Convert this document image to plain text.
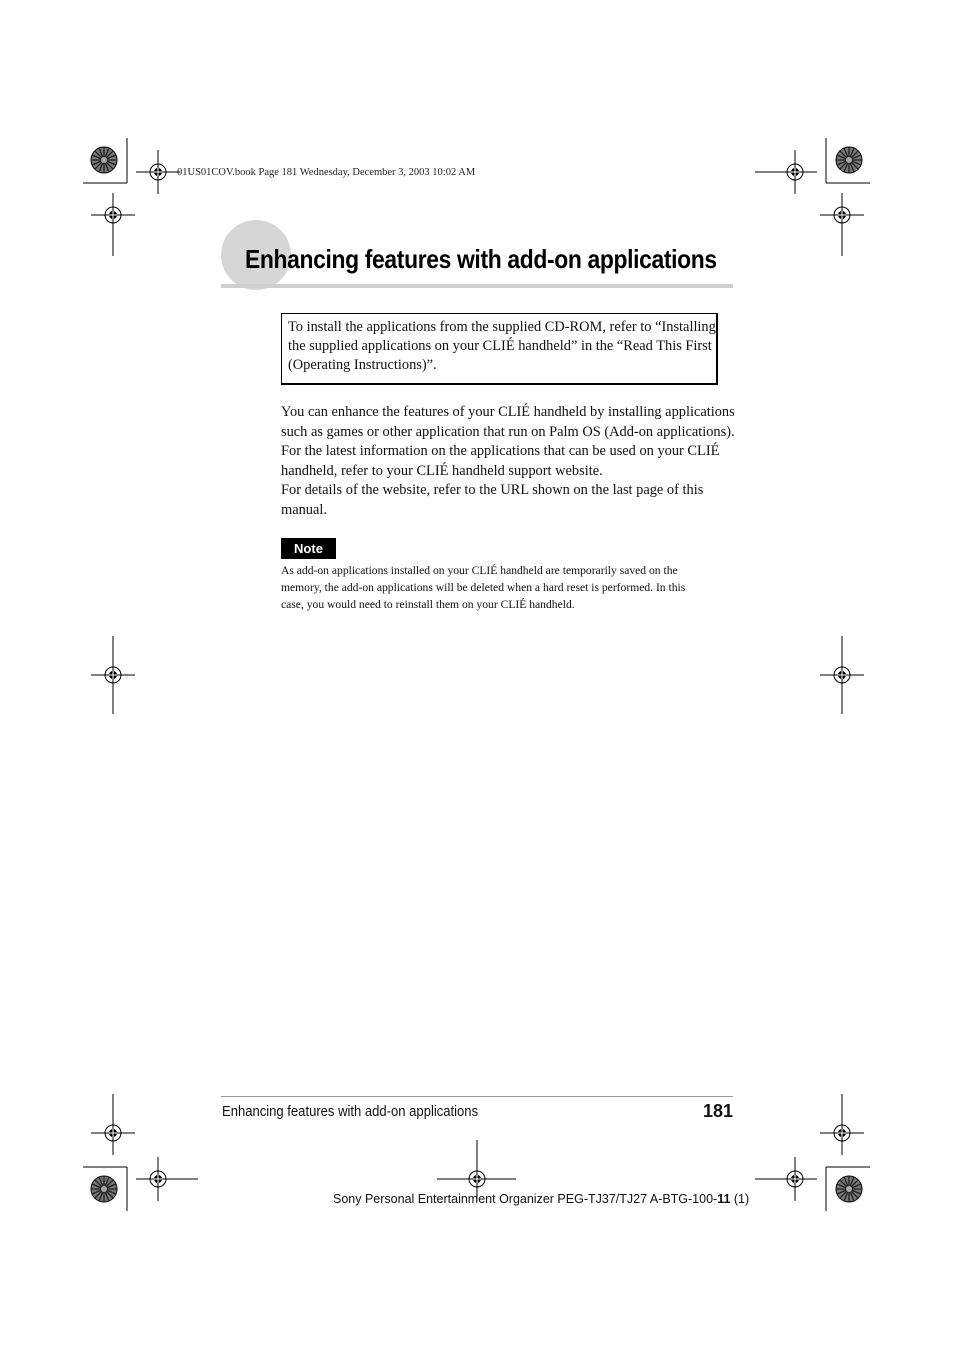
01US01COV.book Page 181 Wednesday, December 3, 2003 10:02 AM
Enhancing features with add-on applications
To install the applications from the supplied CD-ROM, refer to “Installing
the supplied applications on your CLIÉ handheld” in the “Read This First
(Operating Instructions)”.
You can enhance the features of your CLIÉ handheld by installing applications
such as games or other application that run on Palm OS (Add-on applications).
For the latest information on the applications that can be used on your CLIÉ
handheld, refer to your CLIÉ handheld support website.
For details of the website, refer to the URL shown on the last page of this
manual.
Note
As add-on applications installed on your CLIÉ handheld are temporarily saved on the
memory, the add-on applications will be deleted when a hard reset is performed. In this
case, you would need to reinstall them on your CLIÉ handheld.
Enhancing features with add-on applications	181
Sony Personal Entertainment Organizer PEG-TJ37/TJ27 A-BTG-100-11 (1)
